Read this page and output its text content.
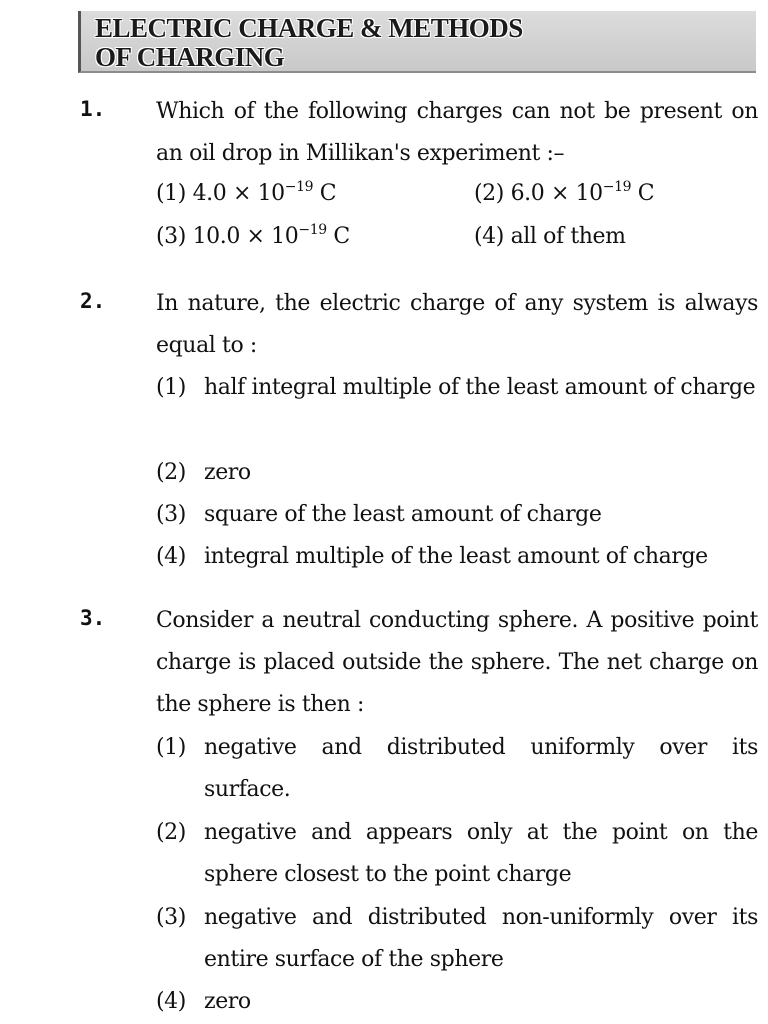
ELECTRIC CHARGE & METHODS
OF CHARGING
1. Which of the following charges can not be present on an oil drop in Millikan's experiment :–
(1) $4.0 \times 10^{-19}$ C	(2) $6.0 \times 10^{-19}$ C
(3) $10.0 \times 10^{-19}$ C	(4) all of them
2. In nature, the electric charge of any system is always equal to :
(1) half integral multiple of the least amount of charge
(2) zero
(3) square of the least amount of charge
(4) integral multiple of the least amount of charge
3. Consider a neutral conducting sphere. A positive point charge is placed outside the sphere. The net charge on the sphere is then :
(1) negative and distributed uniformly over its surface.
(2) negative and appears only at the point on the sphere closest to the point charge
(3) negative and distributed non-uniformly over its entire surface of the sphere
(4) zero
